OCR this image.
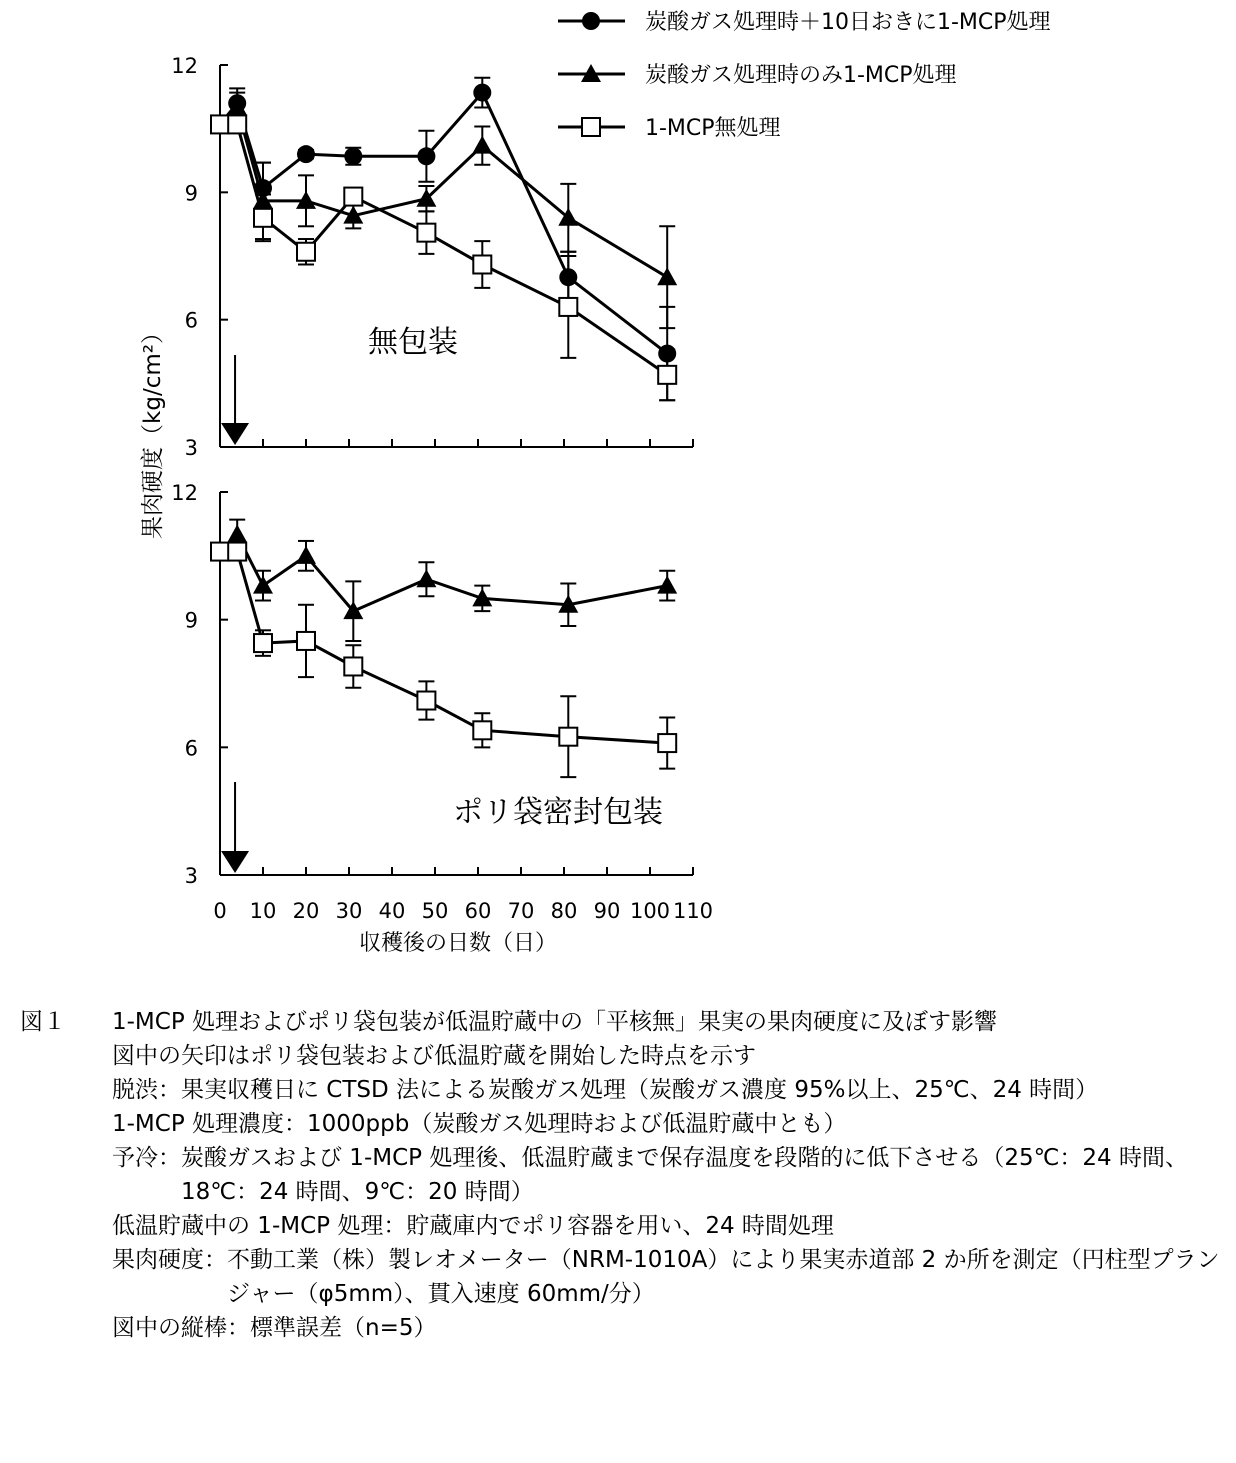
炭酸ガス処理時＋10日おきに1-MCP処理
炭酸ガス処理時のみ1-MCP処理
1-MCP無処理
3
6
9
12
無包装
3
6
9
12
ポリ袋密封包装
0 10 20 30 40 50 60 70 80 90 100 110
収穫後の日数（日）
果肉硬度（kg/cm²）
図１	1-MCP 処理およびポリ袋包装が低温貯蔵中の「平核無」果実の果肉硬度に及ぼす影響
図中の矢印はポリ袋包装および低温貯蔵を開始した時点を示す
脱渋： 果実収穫日に CTSD 法による炭酸ガス処理（炭酸ガス濃度 95%以上、25℃、24 時間）
1-MCP 処理濃度：1000ppb（炭酸ガス処理時および低温貯蔵中とも）
予冷： 炭酸ガスおよび 1-MCP 処理後、低温貯蔵まで保存温度を段階的に低下させる（25℃：24 時間、18℃：24 時間、9℃：20 時間）
低温貯蔵中の 1-MCP 処理：貯蔵庫内でポリ容器を用い、24 時間処理
果肉硬度： 不動工業（株）製レオメーター（NRM-1010A）により果実赤道部 2 か所を測定（円柱型プランジャー（φ5mm）、貫入速度 60mm/分）
図中の縦棒：標準誤差（n=5）
